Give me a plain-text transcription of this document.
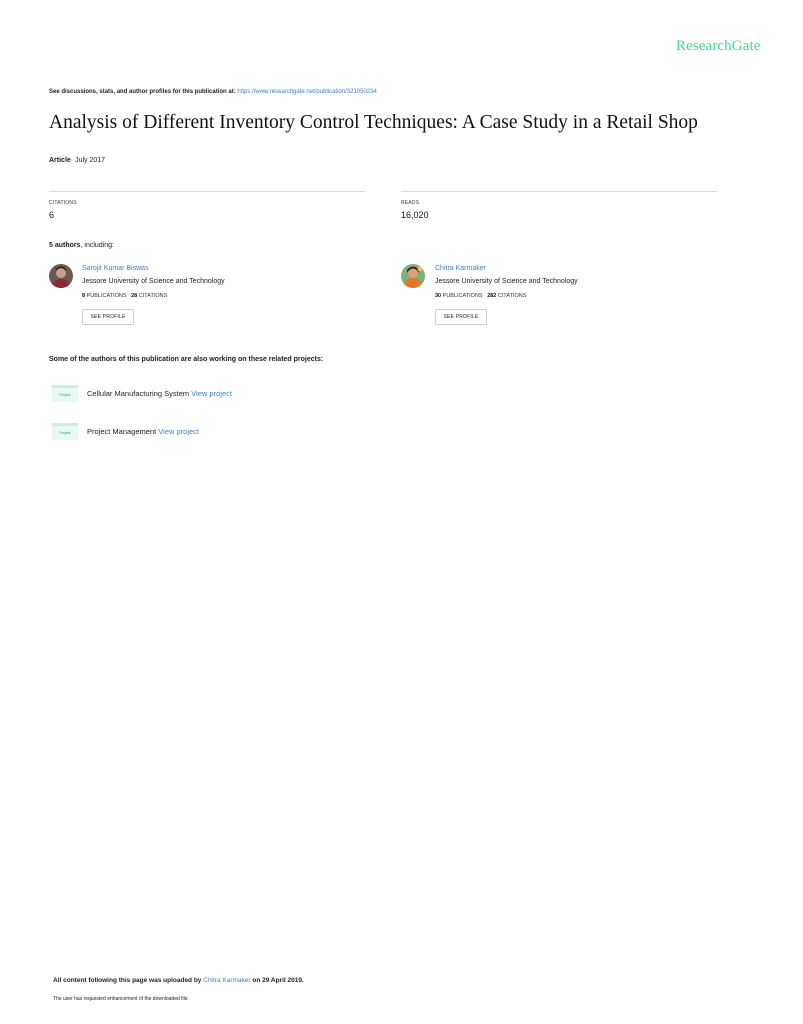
ResearchGate
See discussions, stats, and author profiles for this publication at: https://www.researchgate.net/publication/321050234
Analysis of Different Inventory Control Techniques: A Case Study in a Retail Shop
Article· July 2017
CITATIONS
6
READS
16,020
5 authors, including:
Sarojit Kumar Biswas
Jessore University of Science and Technology
8 PUBLICATIONS 28 CITATIONS
SEE PROFILE
Chitra Karmaker
Jessore University of Science and Technology
30 PUBLICATIONS 282 CITATIONS
SEE PROFILE
Some of the authors of this publication are also working on these related projects:
Project	Cellular Manufacturing System View project
Project	Project Management View project
All content following this page was uploaded by Chitra Karmaker on 29 April 2019.
The user has requested enhancement of the downloaded file.
